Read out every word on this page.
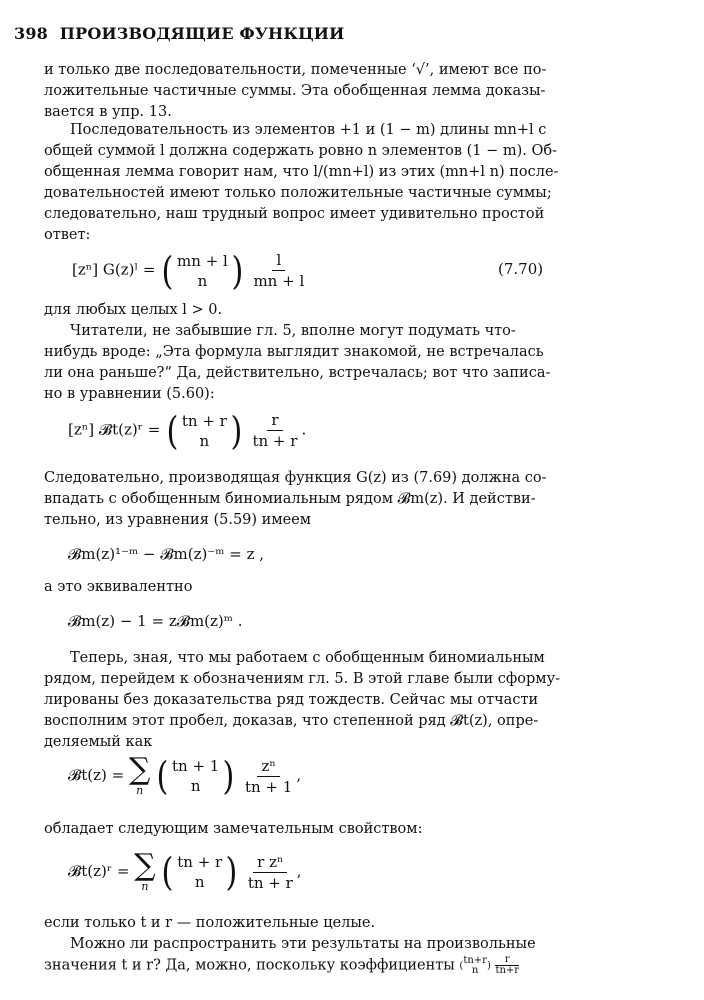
398 ПРОИЗВОДЯЩИЕ ФУНКЦИИ
и только две последовательности, помеченные ‘√’, имеют все по-
ложительные частичные суммы. Эта обобщенная лемма доказы-
вается в упр. 13.
Последовательность из элементов +1 и (1 − m) длины mn+l с
общей суммой l должна содержать ровно n элементов (1 − m). Об-
общенная лемма говорит нам, что l/(mn+l) из этих (mn+l n) после-
довательностей имеют только положительные частичные суммы;
следовательно, наш трудный вопрос имеет удивительно простой
ответ:
[zⁿ] G(z)ˡ = ( mn + l
n ) $\frac{l}{mn + l}$	(7.70)
для любых целых l > 0.
Читатели, не забывшие гл. 5, вполне могут подумать что-
нибудь вроде: „Эта формула выглядит знакомой, не встречалась
ли она раньше?“ Да, действительно, встречалась; вот что записа-
но в уравнении (5.60):
[zⁿ] 𝓑t(z)ʳ = ( tn + r
n ) $\frac{r}{tn + r}$ .
Следовательно, производящая функция G(z) из (7.69) должна со-
впадать с обобщенным биномиальным рядом 𝓑m(z). И действи-
тельно, из уравнения (5.59) имеем
𝓑m(z)¹⁻ᵐ − 𝓑m(z)⁻ᵐ = z ,
а это эквивалентно
𝓑m(z) − 1 = z𝓑m(z)ᵐ .
Теперь, зная, что мы работаем с обобщенным биномиальным
рядом, перейдем к обозначениям гл. 5. В этой главе были сформу-
лированы без доказательства ряд тождеств. Сейчас мы отчасти
восполним этот пробел, доказав, что степенной ряд 𝓑t(z), опре-
деляемый как
𝓑t(z) = ∑
n ( tn + 1
n ) $\frac{\text{zⁿ}}{tn + 1}$ ,
обладает следующим замечательным свойством:
𝓑t(z)ʳ = ∑
n ( tn + r
n ) $\frac{\text{r zⁿ}}{tn + r}$ ,
если только t и r — положительные целые.
Можно ли распространить эти результаты на произвольные
значения t и r? Да, можно, поскольку коэффициенты ( tn+r
n ) $\frac{r}{tn+r}$
